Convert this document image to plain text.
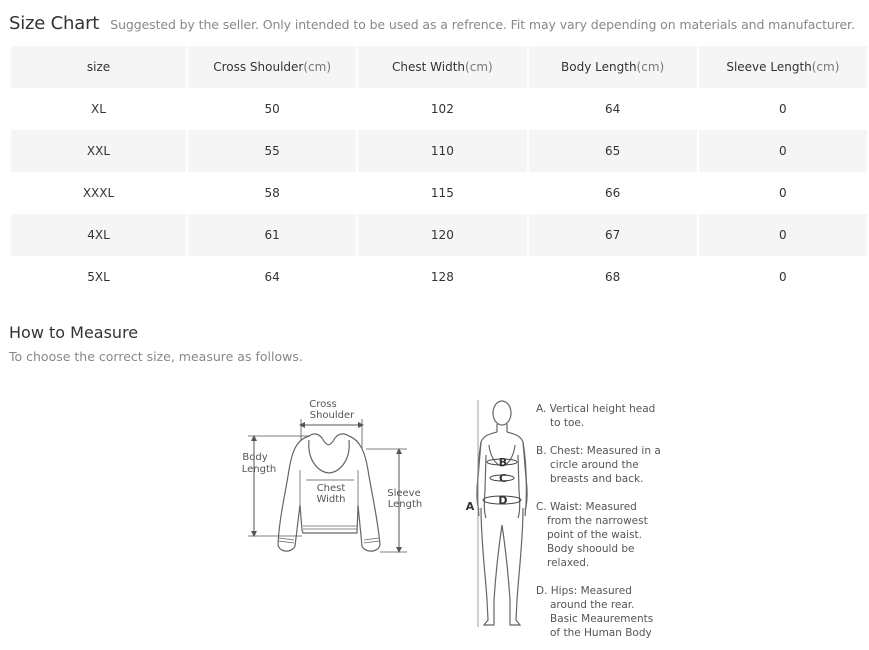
Size Chart Suggested by the seller. Only intended to be used as a refrence. Fit may vary depending on materials and manufacturer.
size	Cross Shoulder(cm)	Chest Width(cm)	Body Length(cm)	Sleeve Length(cm)
XL	50	102	64	0
XXL	55	110	65	0
XXXL	58	115	66	0
4XL	61	120	67	0
5XL	64	128	68	0
How to Measure
To choose the correct size, measure as follows.
Cross
Shoulder
Body
Length
Chest
Width
Sleeve
Length	A
B
C
D
A. Vertical height head
to toe.
B. Chest: Measured in a
circle around the
breasts and back.
C. Waist: Measured
from the narrowest
point of the waist.
Body shoould be
relaxed.
D. Hips: Measured
around the rear.
Basic Meaurements
of the Human Body
